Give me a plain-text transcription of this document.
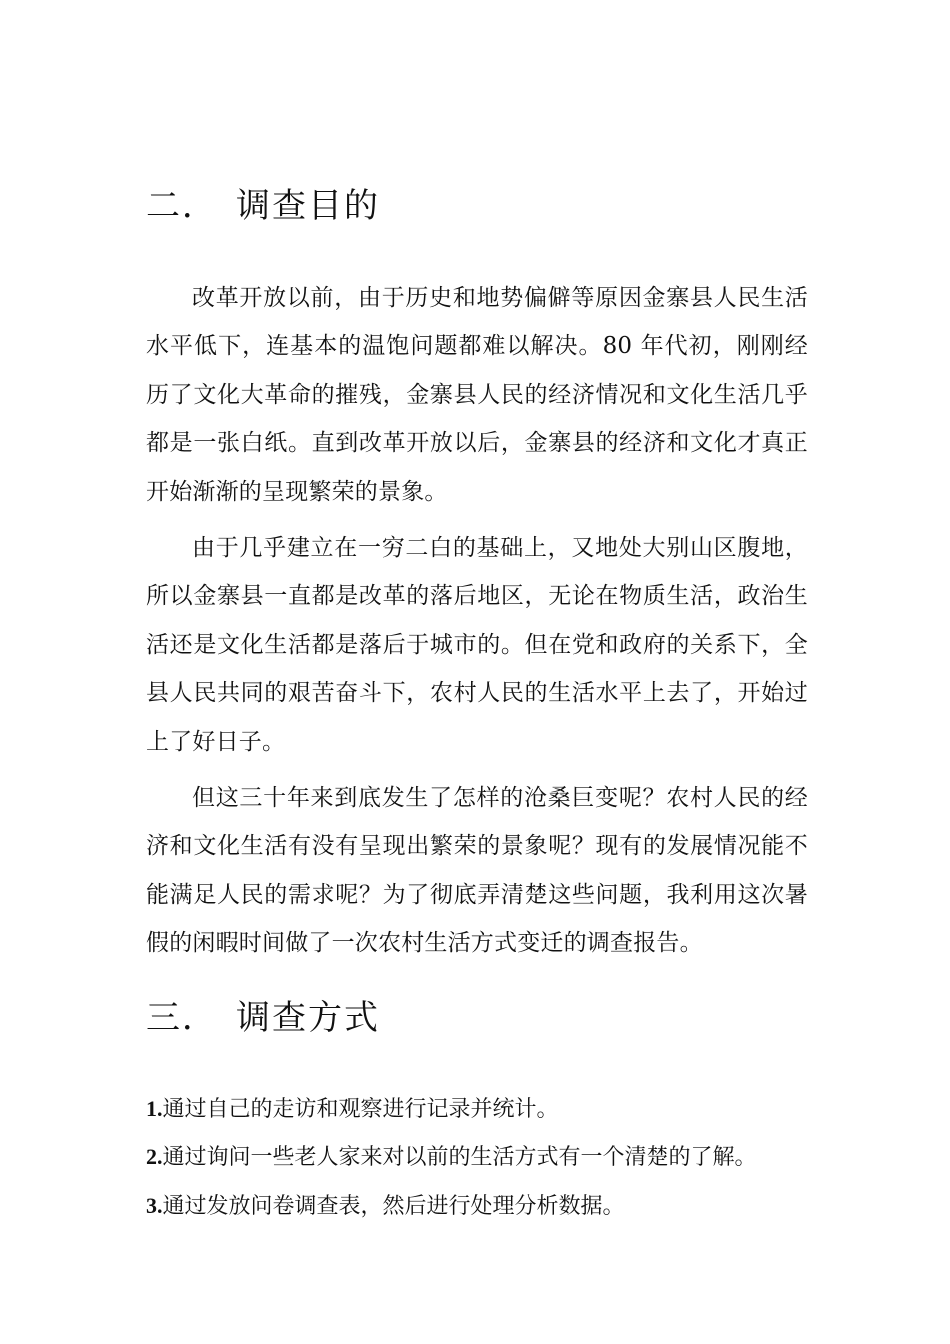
二． 调查目的

改革开放以前，由于历史和地势偏僻等原因金寨县人民生活水平低下，连基本的温饱问题都难以解决。80 年代初，刚刚经历了文化大革命的摧残，金寨县人民的经济情况和文化生活几乎都是一张白纸。直到改革开放以后，金寨县的经济和文化才真正开始渐渐的呈现繁荣的景象。

由于几乎建立在一穷二白的基础上，又地处大别山区腹地，所以金寨县一直都是改革的落后地区，无论在物质生活，政治生活还是文化生活都是落后于城市的。但在党和政府的关系下，全县人民共同的艰苦奋斗下，农村人民的生活水平上去了，开始过上了好日子。

但这三十年来到底发生了怎样的沧桑巨变呢？农村人民的经济和文化生活有没有呈现出繁荣的景象呢？现有的发展情况能不能满足人民的需求呢？为了彻底弄清楚这些问题，我利用这次暑假的闲暇时间做了一次农村生活方式变迁的调查报告。

三． 调查方式
1.通过自己的走访和观察进行记录并统计。
2.通过询问一些老人家来对以前的生活方式有一个清楚的了解。
3.通过发放问卷调查表，然后进行处理分析数据。
